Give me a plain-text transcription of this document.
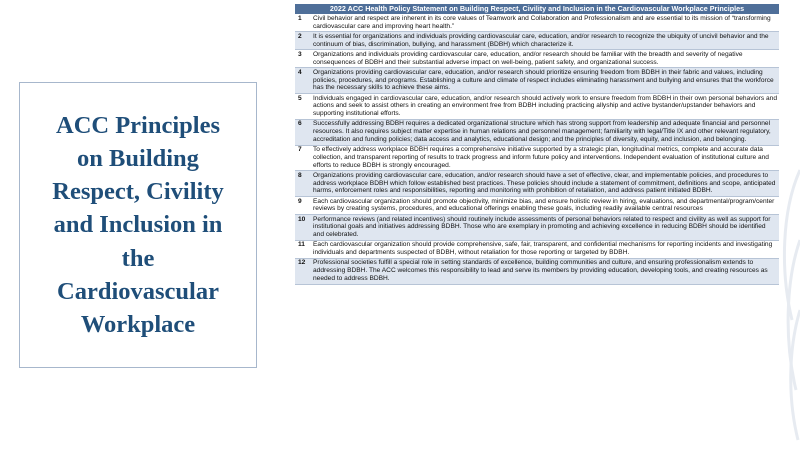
ACC Principles
on Building
Respect, Civility
and Inclusion in
the
Cardiovascular
Workplace
2022 ACC Health Policy Statement on Building Respect, Civility and Inclusion in the Cardiovascular Workplace Principles	
1	Civil behavior and respect are inherent in its core values of Teamwork and Collaboration and Professionalism and are essential to its mission of “transforming cardiovascular care and improving heart health.”
2	It is essential for organizations and individuals providing cardiovascular care, education, and/or research to recognize the ubiquity of uncivil behavior and the continuum of bias, discrimination, bullying, and harassment (BDBH) which characterize it.
3	Organizations and individuals providing cardiovascular care, education, and/or research should be familiar with the breadth and severity of negative consequences of BDBH and their substantial adverse impact on well-being, patient safety, and organizational success.
4	Organizations providing cardiovascular care, education, and/or research should prioritize ensuring freedom from BDBH in their fabric and values, including policies, procedures, and programs. Establishing a culture and climate of respect includes eliminating harassment and bullying and ensures that the workforce has the necessary skills to achieve these aims.
5	Individuals engaged in cardiovascular care, education, and/or research should actively work to ensure freedom from BDBH in their own personal behaviors and actions and seek to assist others in creating an environment free from BDBH including practicing allyship and active bystander/upstander behaviors and supporting institutional efforts.
6	Successfully addressing BDBH requires a dedicated organizational structure which has strong support from leadership and adequate financial and personnel resources. It also requires subject matter expertise in human relations and personnel management; familiarity with legal/Title IX and other relevant regulatory, accreditation and funding policies; data access and analytics, educational design; and the principles of diversity, equity, and inclusion, and belonging.
7	To effectively address workplace BDBH requires a comprehensive initiative supported by a strategic plan, longitudinal metrics, complete and accurate data collection, and transparent reporting of results to track progress and inform future policy and interventions. Independent evaluation of institutional culture and efforts to reduce BDBH is strongly encouraged.
8	Organizations providing cardiovascular care, education, and/or research should have a set of effective, clear, and implementable policies, and procedures to address workplace BDBH which follow established best practices. These policies should include a statement of commitment, definitions and scope, anticipated harms, enforcement roles and responsibilities, reporting and monitoring with prohibition of retaliation, and address patient initiated BDBH.
9	Each cardiovascular organization should promote objectivity, minimize bias, and ensure holistic review in hiring, evaluations, and departmental/program/center reviews by creating systems, procedures, and educational offerings enabling these goals, including readily available central resources
10	Performance reviews (and related incentives) should routinely include assessments of personal behaviors related to respect and civility as well as support for institutional goals and initiatives addressing BDBH. Those who are exemplary in promoting and achieving excellence in reducing BDBH should be identified and celebrated.
11	Each cardiovascular organization should provide comprehensive, safe, fair, transparent, and confidential mechanisms for reporting incidents and investigating individuals and departments suspected of BDBH, without retaliation for those reporting or targeted by BDBH.
12	Professional societies fulfill a special role in setting standards of excellence, building communities and culture, and ensuring professionalism extends to addressing BDBH. The ACC welcomes this responsibility to lead and serve its members by providing education, developing tools, and creating resources as needed to address BDBH.
